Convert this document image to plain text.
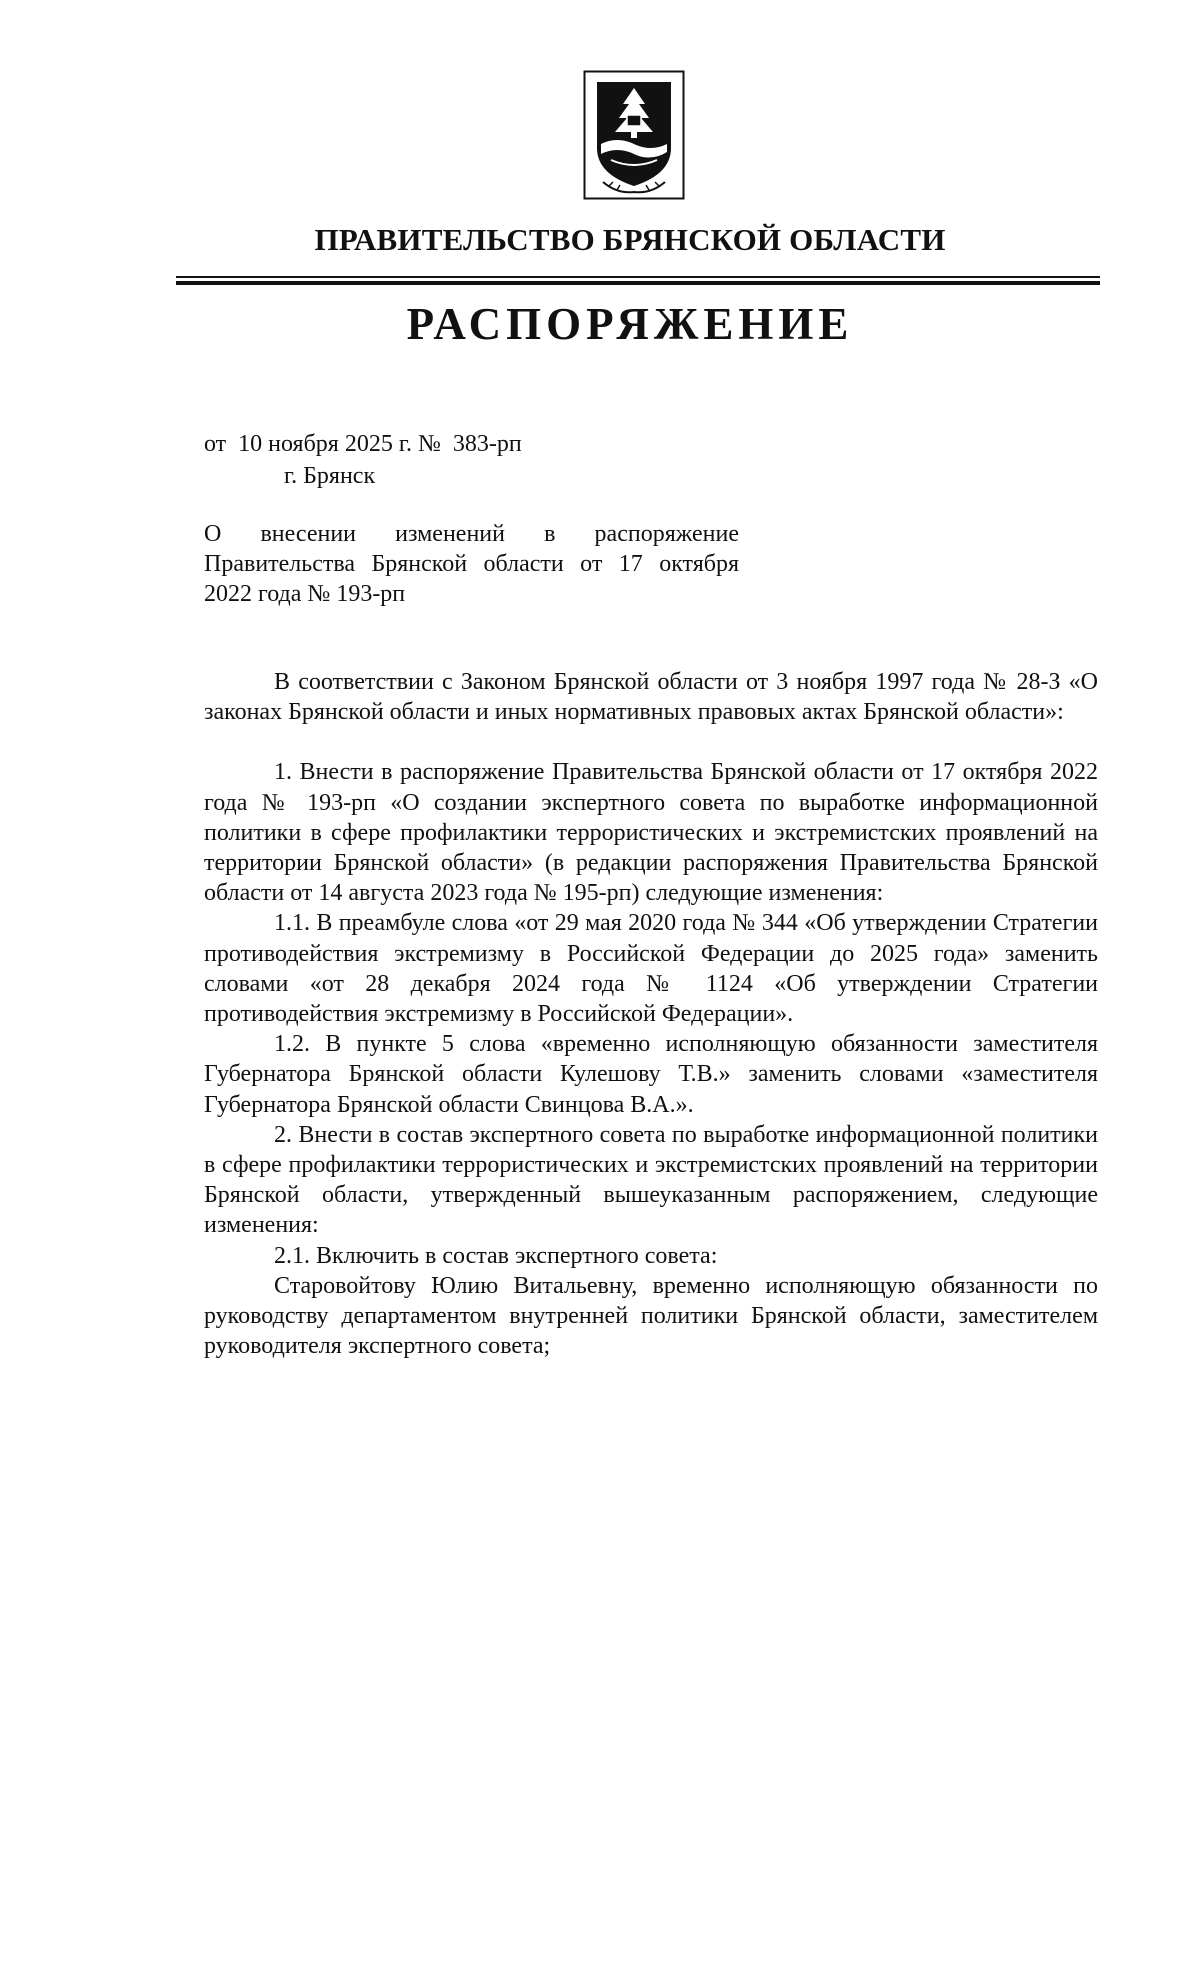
ПРАВИТЕЛЬСТВО БРЯНСКОЙ ОБЛАСТИ
РАСПОРЯЖЕНИЕ
от  10 ноября 2025 г. №  383-рп
г. Брянск

О внесении изменений в распоряжение

Правительства Брянской области от 17 октября

2022 года № 193-рп

В соответствии с Законом Брянской области от 3 ноября 1997 года № 28-З «О законах Брянской области и иных нормативных правовых актах Брянской области»:

1. Внести в распоряжение Правительства Брянской области от 17 октября 2022 года № 193-рп «О создании экспертного совета по выработке информационной политики в сфере профилактики террористических и экстремистских проявлений на территории Брянской области» (в редакции распоряжения Правительства Брянской области от 14 августа 2023 года № 195-рп) следующие изменения:

1.1. В преамбуле слова «от 29 мая 2020 года № 344 «Об утверждении Стратегии противодействия экстремизму в Российской Федерации до 2025 года» заменить словами «от 28 декабря 2024 года № 1124 «Об утверждении Стратегии противодействия экстремизму в Российской Федерации».

1.2. В пункте 5 слова «временно исполняющую обязанности заместителя Губернатора Брянской области Кулешову Т.В.» заменить словами «заместителя Губернатора Брянской области Свинцова В.А.».

2. Внести в состав экспертного совета по выработке информационной политики в сфере профилактики террористических и экстремистских проявлений на территории Брянской области, утвержденный вышеуказанным распоряжением, следующие изменения:

2.1. Включить в состав экспертного совета:

Старовойтову Юлию Витальевну, временно исполняющую обязанности по руководству департаментом внутренней политики Брянской области, заместителем руководителя экспертного совета;
